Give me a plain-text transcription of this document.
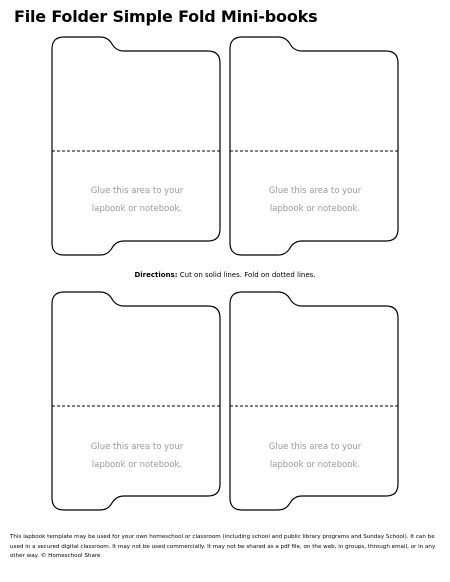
File Folder Simple Fold Mini-books
Glue this area to your
lapbook or notebook.
Glue this area to your
lapbook or notebook.
Directions: Cut on solid lines. Fold on dotted lines.
Glue this area to your
lapbook or notebook.
Glue this area to your
lapbook or notebook.
This lapbook template may be used for your own homeschool or classroom (including school and public library programs and Sunday School). It can be used in a secured digital classroom. It may not be used commercially. It may not be shared as a pdf file, on the web, in groups, through email, or in any other way. © Homeschool Share
